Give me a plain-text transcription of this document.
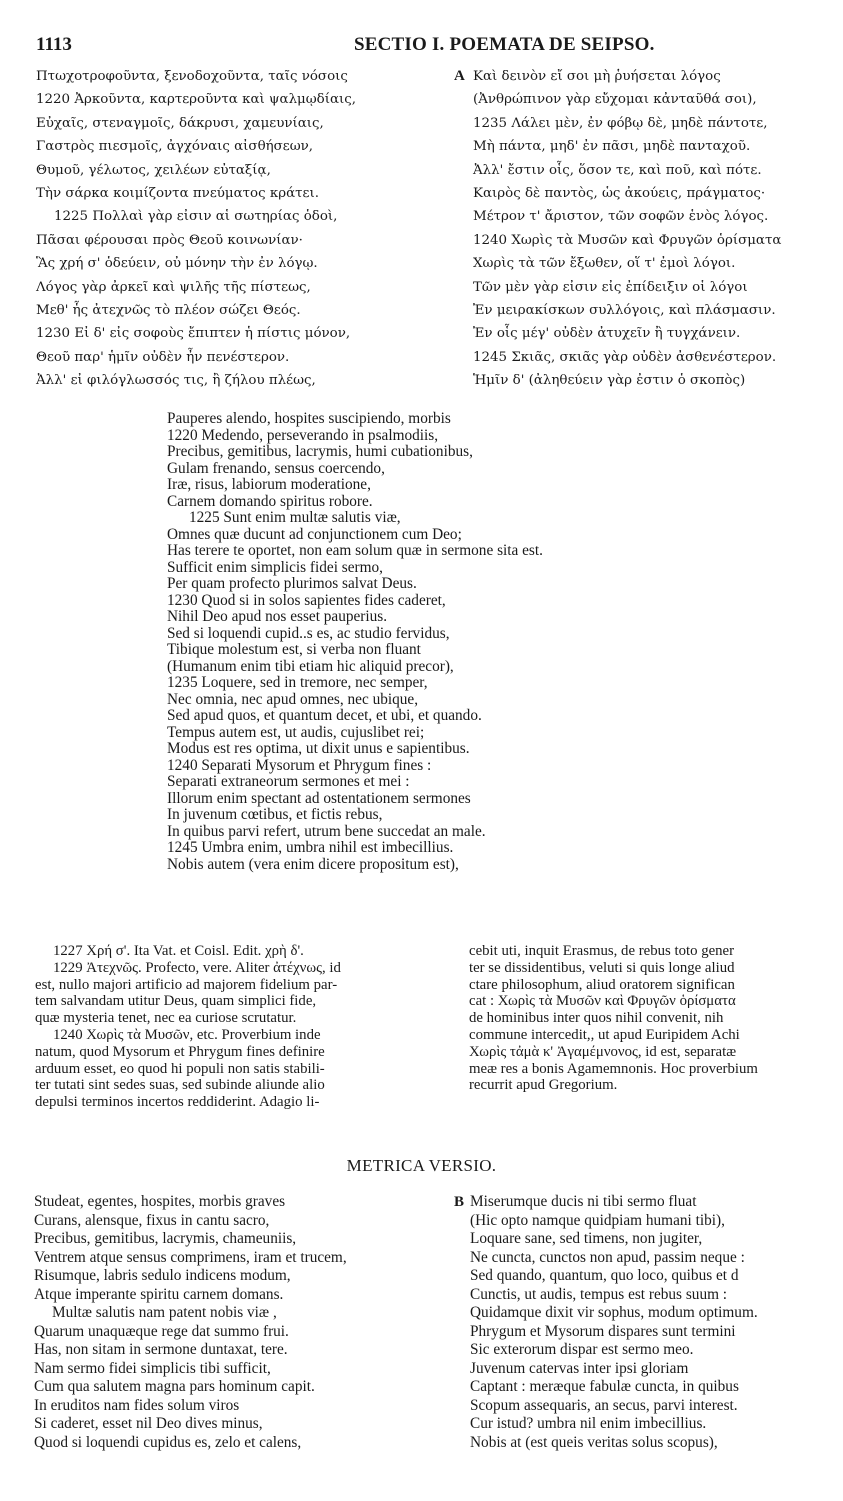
1113	SECTIO I. POEMATA DE SEIPSO.
Πτωχοτροφοῦντα, ξενοδοχοῦντα, ταῖς νόσοις
1220 Ἀρκοῦντα, καρτεροῦντα καὶ ψαλμῳδίαις,
Εὐχαῖς, στεναγμοῖς, δάκρυσι, χαμευνίαις,
Γαστρὸς πιεσμοῖς, ἀγχόναις αἰσθήσεων,
Θυμοῦ, γέλωτος, χειλέων εὐταξίᾳ,
Τὴν σάρκα κοιμίζοντα πνεύματος κράτει.
1225 Πολλαὶ γὰρ εἰσιν αἱ σωτηρίας ὁδοὶ,
Πᾶσαι φέρουσαι πρὸς Θεοῦ κοινωνίαν·
Ἃς χρή σ' ὁδεύειν, οὐ μόνην τὴν ἐν λόγῳ.
Λόγος γὰρ ἀρκεῖ καὶ ψιλῆς τῆς πίστεως,
Μεθ' ἧς ἀτεχνῶς τὸ πλέον σώζει Θεός.
1230 Εἰ δ' εἰς σοφοὺς ἔπιπτεν ἡ πίστις μόνον,
Θεοῦ παρ' ἡμῖν οὐδὲν ἦν πενέστερον.
Ἀλλ' εἰ φιλόγλωσσός τις, ἢ ζήλου πλέως,
A Καὶ δεινὸν εἴ σοι μὴ ῥυήσεται λόγος
(Ἀνθρώπινον γὰρ εὔχομαι κἀνταῦθά σοι),
1235 Λάλει μὲν, ἐν φόβῳ δὲ, μηδὲ πάντοτε,
Μὴ πάντα, μηδ' ἐν πᾶσι, μηδὲ πανταχοῦ.
Ἀλλ' ἔστιν οἷς, ὅσον τε, καὶ ποῦ, καὶ πότε.
Καιρὸς δὲ παντὸς, ὡς ἀκούεις, πράγματος·
Μέτρον τ' ἄριστον, τῶν σοφῶν ἑνὸς λόγος.
1240 Χωρὶς τὰ Μυσῶν καὶ Φρυγῶν ὁρίσματα
Χωρὶς τὰ τῶν ἔξωθεν, οἵ τ' ἐμοὶ λόγοι.
Τῶν μὲν γὰρ εἰσιν εἰς ἐπίδειξιν οἱ λόγοι
Ἐν μειρακίσκων συλλόγοις, καὶ πλάσμασιν.
Ἐν οἷς μέγ' οὐδὲν ἀτυχεῖν ἢ τυγχάνειν.
1245 Σκιᾶς, σκιᾶς γὰρ οὐδὲν ἀσθενέστερον.
Ἡμῖν δ' (ἀληθεύειν γὰρ ἐστιν ὁ σκοπὸς)
Pauperes alendo, hospites suscipiendo, morbis
1220 Medendo, perseverando in psalmodiis,
Precibus, gemitibus, lacrymis, humi cubationibus,
Gulam frenando, sensus coercendo,
Iræ, risus, labiorum moderatione,
Carnem domando spiritus robore.
1225 Sunt enim multæ salutis viæ,
Omnes quæ ducunt ad conjunctionem cum Deo;
Has terere te oportet, non eam solum quæ in sermone sita est.
Sufficit enim simplicis fidei sermo,
Per quam profecto plurimos salvat Deus.
1230 Quod si in solos sapientes fides caderet,
Nihil Deo apud nos esset pauperius.
Sed si loquendi cupid..s es, ac studio fervidus,
Tibique molestum est, si verba non fluant
(Humanum enim tibi etiam hic aliquid precor),
1235 Loquere, sed in tremore, nec semper,
Nec omnia, nec apud omnes, nec ubique,
Sed apud quos, et quantum decet, et ubi, et quando.
Tempus autem est, ut audis, cujuslibet rei;
Modus est res optima, ut dixit unus e sapientibus.
1240 Separati Mysorum et Phrygum fines :
Separati extraneorum sermones et mei :
Illorum enim spectant ad ostentationem sermones
In juvenum cœtibus, et fictis rebus,
In quibus parvi refert, utrum bene succedat an male.
1245 Umbra enim, umbra nihil est imbecillius.
Nobis autem (vera enim dicere propositum est),
1227 Χρή σ'. Ita Vat. et Coisl. Edit. χρὴ δ'.
1229 Ἀτεχνῶς. Profecto, vere. Aliter ἀτέχνως, id
est, nullo majori artificio ad majorem fidelium par-
tem salvandam utitur Deus, quam simplici fide,
quæ mysteria tenet, nec ea curiose scrutatur.
1240 Χωρὶς τὰ Μυσῶν, etc. Proverbium inde
natum, quod Mysorum et Phrygum fines definire
arduum esset, eo quod hi populi non satis stabili-
ter tutati sint sedes suas, sed subinde aliunde alio
depulsi terminos incertos reddiderint. Adagio li-
cebit uti, inquit Erasmus, de rebus toto gener
ter se dissidentibus, veluti si quis longe aliud
ctare philosophum, aliud oratorem significan
cat : Χωρὶς τὰ Μυσῶν καὶ Φρυγῶν ὁρίσματα
de hominibus inter quos nihil convenit, nih
commune intercedit,, ut apud Euripidem Achi
Χωρὶς τἀμὰ κ' Ἀγαμέμνονος, id est, separatæ
meæ res a bonis Agamemnonis. Hoc proverbium
recurrit apud Gregorium.
METRICA VERSIO.
Studeat, egentes, hospites, morbis graves
Curans, alensque, fixus in cantu sacro,
Precibus, gemitibus, lacrymis, chameuniis,
Ventrem atque sensus comprimens, iram et trucem,
Risumque, labris sedulo indicens modum,
Atque imperante spiritu carnem domans.
Multæ salutis nam patent nobis viæ ,
Quarum unaquæque rege dat summo frui.
Has, non sitam in sermone duntaxat, tere.
Nam sermo fidei simplicis tibi sufficit,
Cum qua salutem magna pars hominum capit.
In eruditos nam fides solum viros
Si caderet, esset nil Deo dives minus,
Quod si loquendi cupidus es, zelo et calens,
B Miserumque ducis ni tibi sermo fluat
(Hic opto namque quidpiam humani tibi),
Loquare sane, sed timens, non jugiter,
Ne cuncta, cunctos non apud, passim neque :
Sed quando, quantum, quo loco, quibus et d
Cunctis, ut audis, tempus est rebus suum :
Quidamque dixit vir sophus, modum optimum.
Phrygum et Mysorum dispares sunt termini
Sic exterorum dispar est sermo meo.
Juvenum catervas inter ipsi gloriam
Captant : meræque fabulæ cuncta, in quibus
Scopum assequaris, an secus, parvi interest.
Cur istud? umbra nil enim imbecillius.
Nobis at (est queis veritas solus scopus),
